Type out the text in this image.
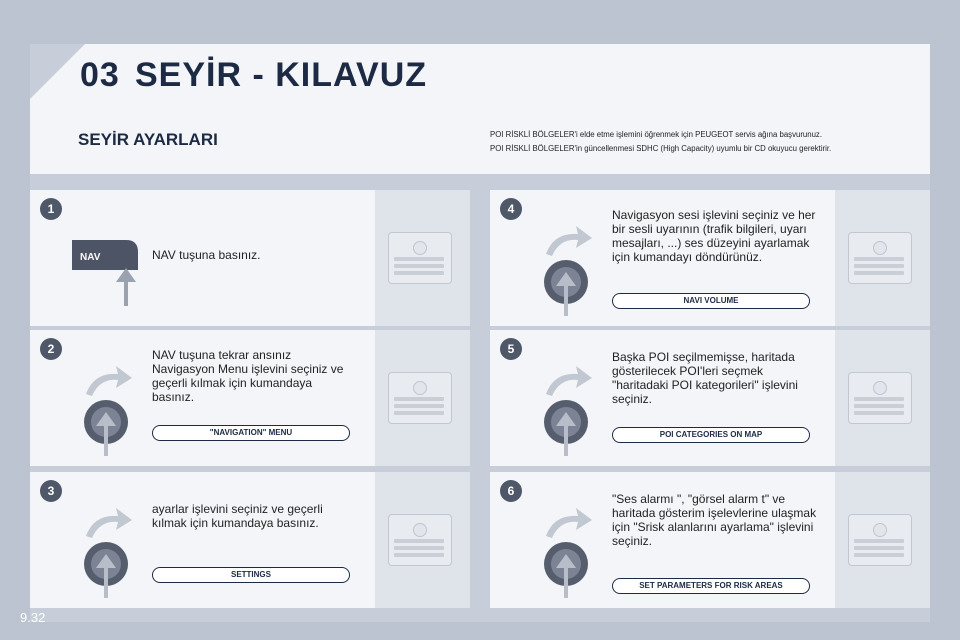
03 SEYİR - KILAVUZ
SEYİR AYARLARI	POI RİSKLİ BÖLGELER'i elde etme işlemini öğrenmek için PEUGEOT servis ağına başvurunuz.
POI RİSKLİ BÖLGELER'in güncellenmesi SDHC (High Capacity) uyumlu bir CD okuyucu gerektirir.
1
NAV	NAV tuşuna basınız.
2	NAV tuşuna tekrar ansınız Navigasyon Menu işlevini seçiniz ve geçerli kılmak için kumandaya basınız.
"NAVIGATION" MENU
3
ayarlar işlevini seçiniz ve geçerli kılmak için kumandaya basınız.
SETTINGS
4	Navigasyon sesi işlevini seçiniz ve her bir sesli uyarının (trafik bilgileri, uyarı mesajları, ...) ses düzeyini ayarlamak için kumandayı döndürünüz.
NAVI VOLUME
5
Başka POI seçilmemişse, haritada gösterilecek POI'leri seçmek "haritadaki POI kategorileri" işlevini seçiniz.
POI CATEGORIES ON MAP
6
"Ses alarmı ", "görsel alarm t" ve haritada gösterim işelevlerine ulaşmak için "Srisk alanlarını ayarlama" işlevini seçiniz.
SET PARAMETERS FOR RISK AREAS
9.32
